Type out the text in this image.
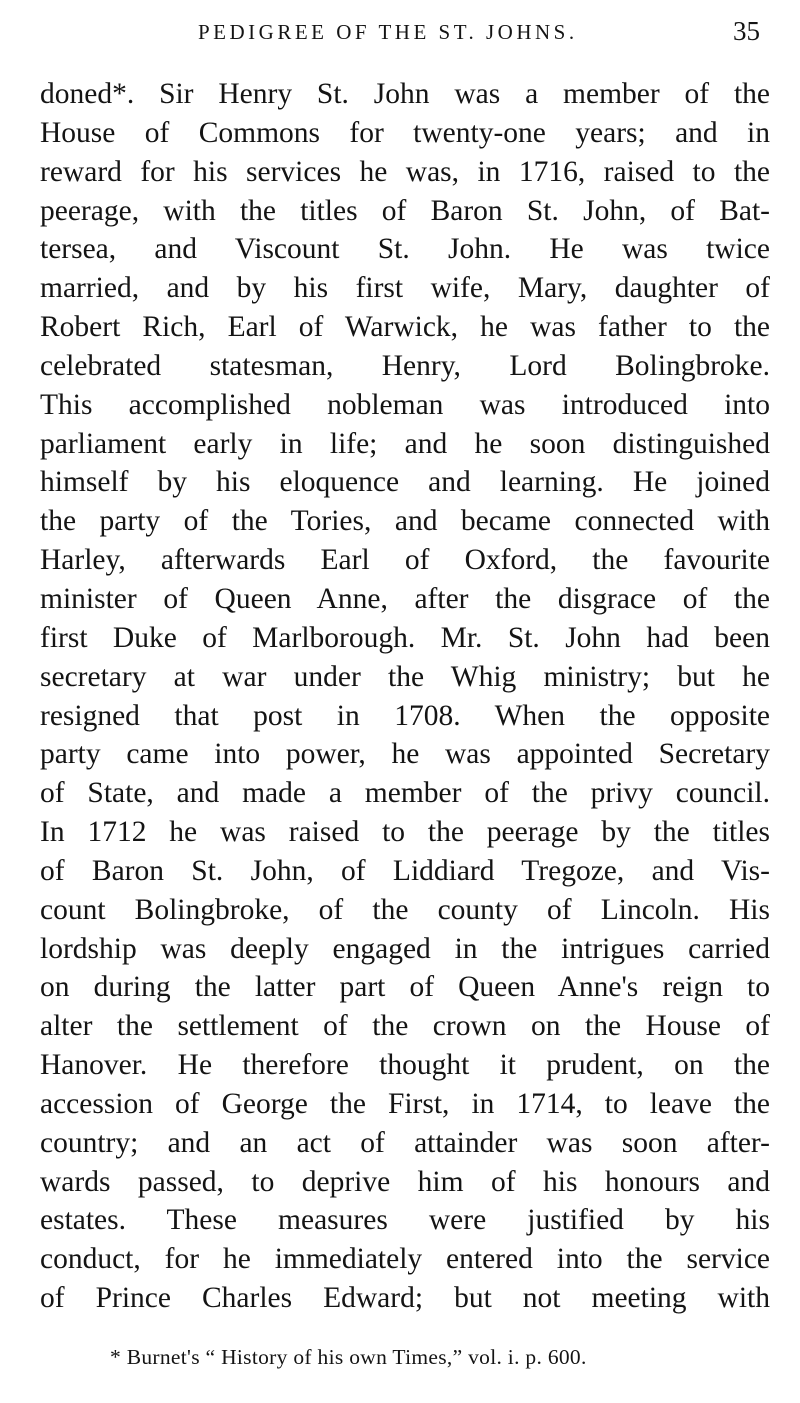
PEDIGREE OF THE ST. JOHNS.	35
doned*. Sir Henry St. John was a member of the
House of Commons for twenty-one years; and in
reward for his services he was, in 1716, raised to the
peerage, with the titles of Baron St. John, of Bat-
tersea, and Viscount St. John. He was twice
married, and by his first wife, Mary, daughter of
Robert Rich, Earl of Warwick, he was father to the
celebrated statesman, Henry, Lord Bolingbroke.
This accomplished nobleman was introduced into
parliament early in life; and he soon distinguished
himself by his eloquence and learning. He joined
the party of the Tories, and became connected with
Harley, afterwards Earl of Oxford, the favourite
minister of Queen Anne, after the disgrace of the
first Duke of Marlborough. Mr. St. John had been
secretary at war under the Whig ministry; but he
resigned that post in 1708. When the opposite
party came into power, he was appointed Secretary
of State, and made a member of the privy council.
In 1712 he was raised to the peerage by the titles
of Baron St. John, of Liddiard Tregoze, and Vis-
count Bolingbroke, of the county of Lincoln. His
lordship was deeply engaged in the intrigues carried
on during the latter part of Queen Anne's reign to
alter the settlement of the crown on the House of
Hanover. He therefore thought it prudent, on the
accession of George the First, in 1714, to leave the
country; and an act of attainder was soon after-
wards passed, to deprive him of his honours and
estates. These measures were justified by his
conduct, for he immediately entered into the service
of Prince Charles Edward; but not meeting with
* Burnet's “ History of his own Times,” vol. i. p. 600.
